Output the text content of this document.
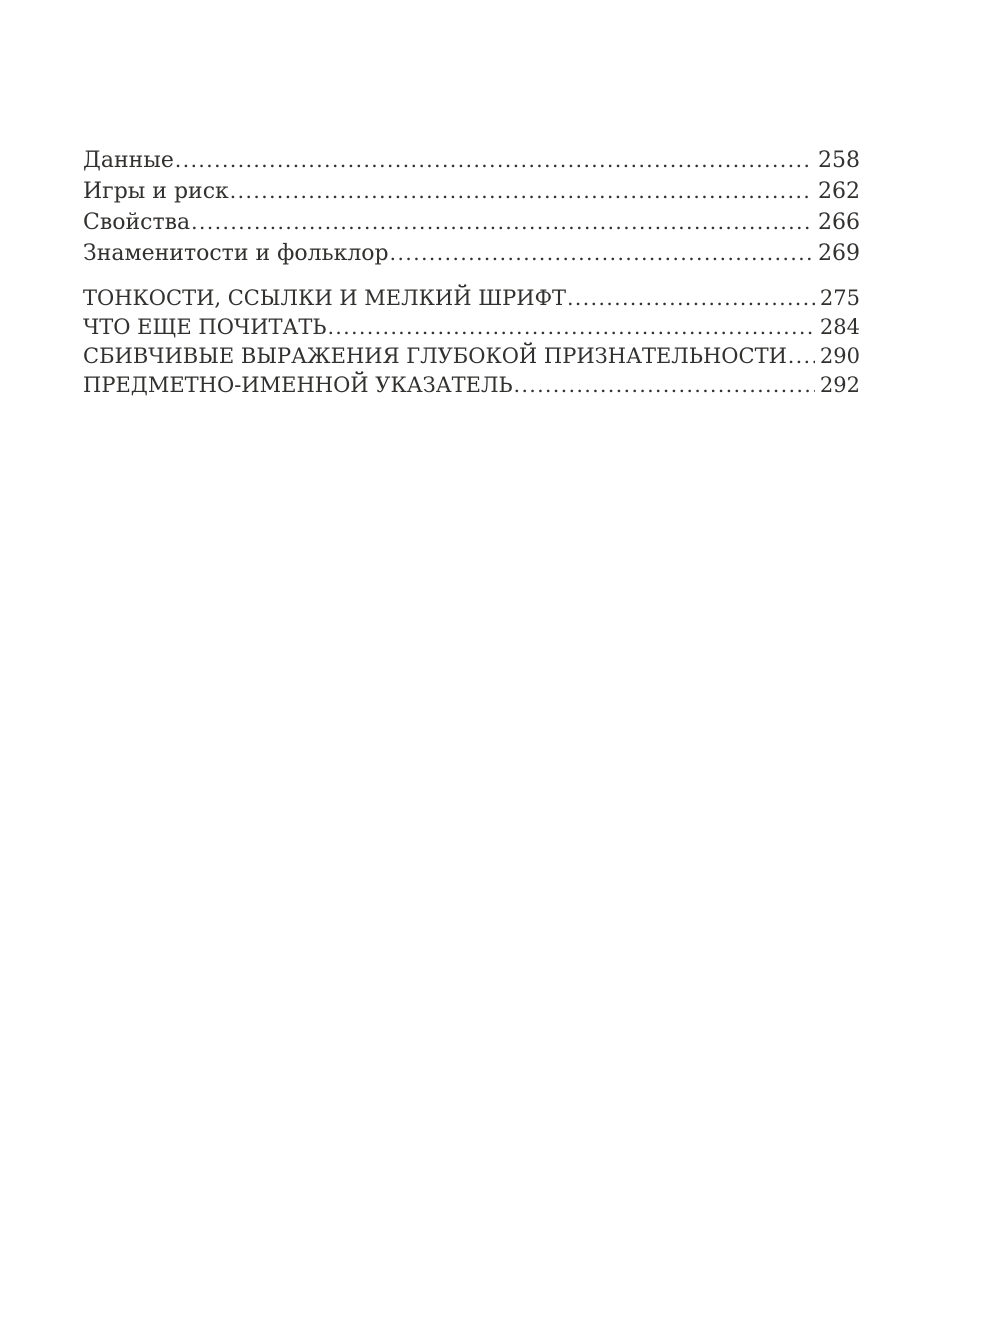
Данные .....	258
Игры и риск .....	262
Свойства .....	266
Знаменитости и фольклор .....	269
ТОНКОСТИ, ССЫЛКИ И МЕЛКИЙ ШРИФТ .....	275
ЧТО ЕЩЕ ПОЧИТАТЬ .....	284
СБИВЧИВЫЕ ВЫРАЖЕНИЯ ГЛУБОКОЙ ПРИЗНАТЕЛЬНОСТИ ..... 290
ПРЕДМЕТНО-ИМЕННОЙ УКАЗАТЕЛЬ .....	292
